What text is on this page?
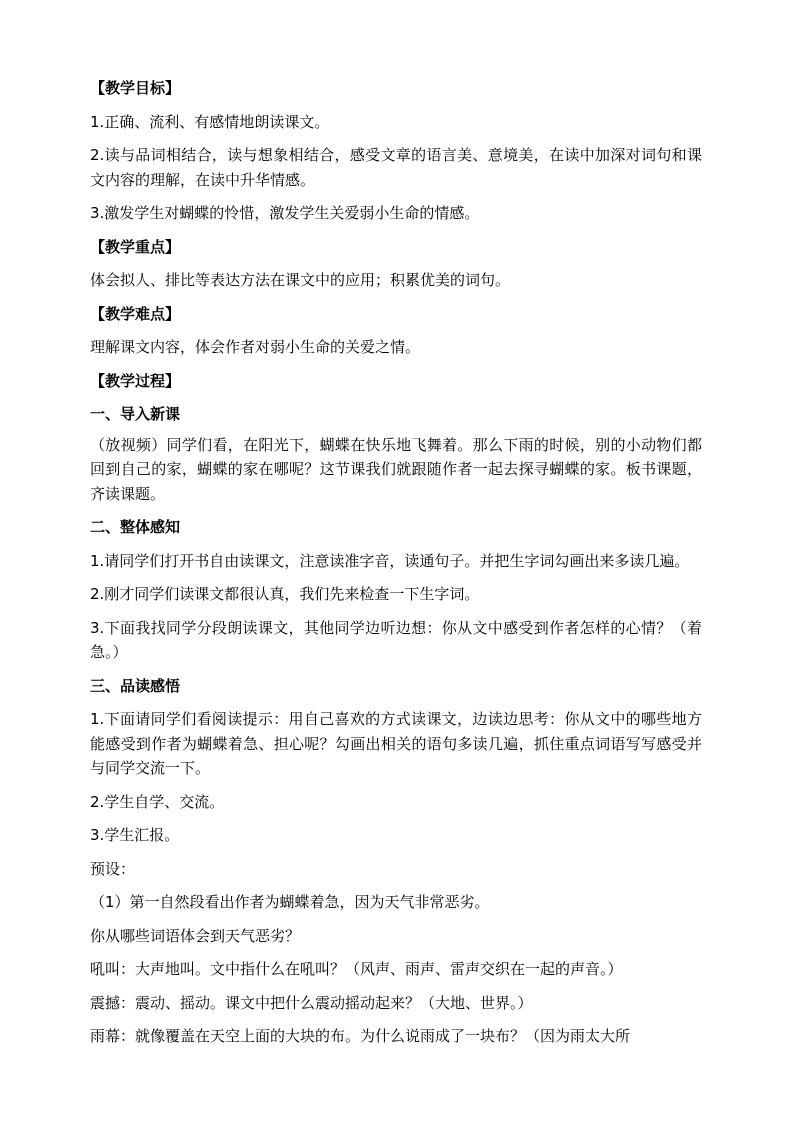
【教学目标】
1.正确、流利、有感情地朗读课文。
2.读与品词相结合，读与想象相结合，感受文章的语言美、意境美，在读中加深对词句和课文内容的理解，在读中升华情感。
3.激发学生对蝴蝶的怜惜，激发学生关爱弱小生命的情感。
【教学重点】
体会拟人、排比等表达方法在课文中的应用；积累优美的词句。
【教学难点】
理解课文内容，体会作者对弱小生命的关爱之情。
【教学过程】
一、导入新课
（放视频）同学们看，在阳光下，蝴蝶在快乐地飞舞着。那么下雨的时候，别的小动物们都回到自己的家，蝴蝶的家在哪呢？这节课我们就跟随作者一起去探寻蝴蝶的家。板书课题，齐读课题。
二、整体感知
1.请同学们打开书自由读课文，注意读准字音，读通句子。并把生字词勾画出来多读几遍。
2.刚才同学们读课文都很认真，我们先来检查一下生字词。
3.下面我找同学分段朗读课文，其他同学边听边想：你从文中感受到作者怎样的心情？（着急。）
三、品读感悟
1.下面请同学们看阅读提示：用自己喜欢的方式读课文，边读边思考：你从文中的哪些地方能感受到作者为蝴蝶着急、担心呢？勾画出相关的语句多读几遍，抓住重点词语写写感受并与同学交流一下。
2.学生自学、交流。
3.学生汇报。
预设：
（1）第一自然段看出作者为蝴蝶着急，因为天气非常恶劣。
你从哪些词语体会到天气恶劣？
吼叫：大声地叫。文中指什么在吼叫？（风声、雨声、雷声交织在一起的声音。）
震撼：震动、摇动。课文中把什么震动摇动起来？（大地、世界。）
雨幕：就像覆盖在天空上面的大块的布。为什么说雨成了一块布？（因为雨太大所
